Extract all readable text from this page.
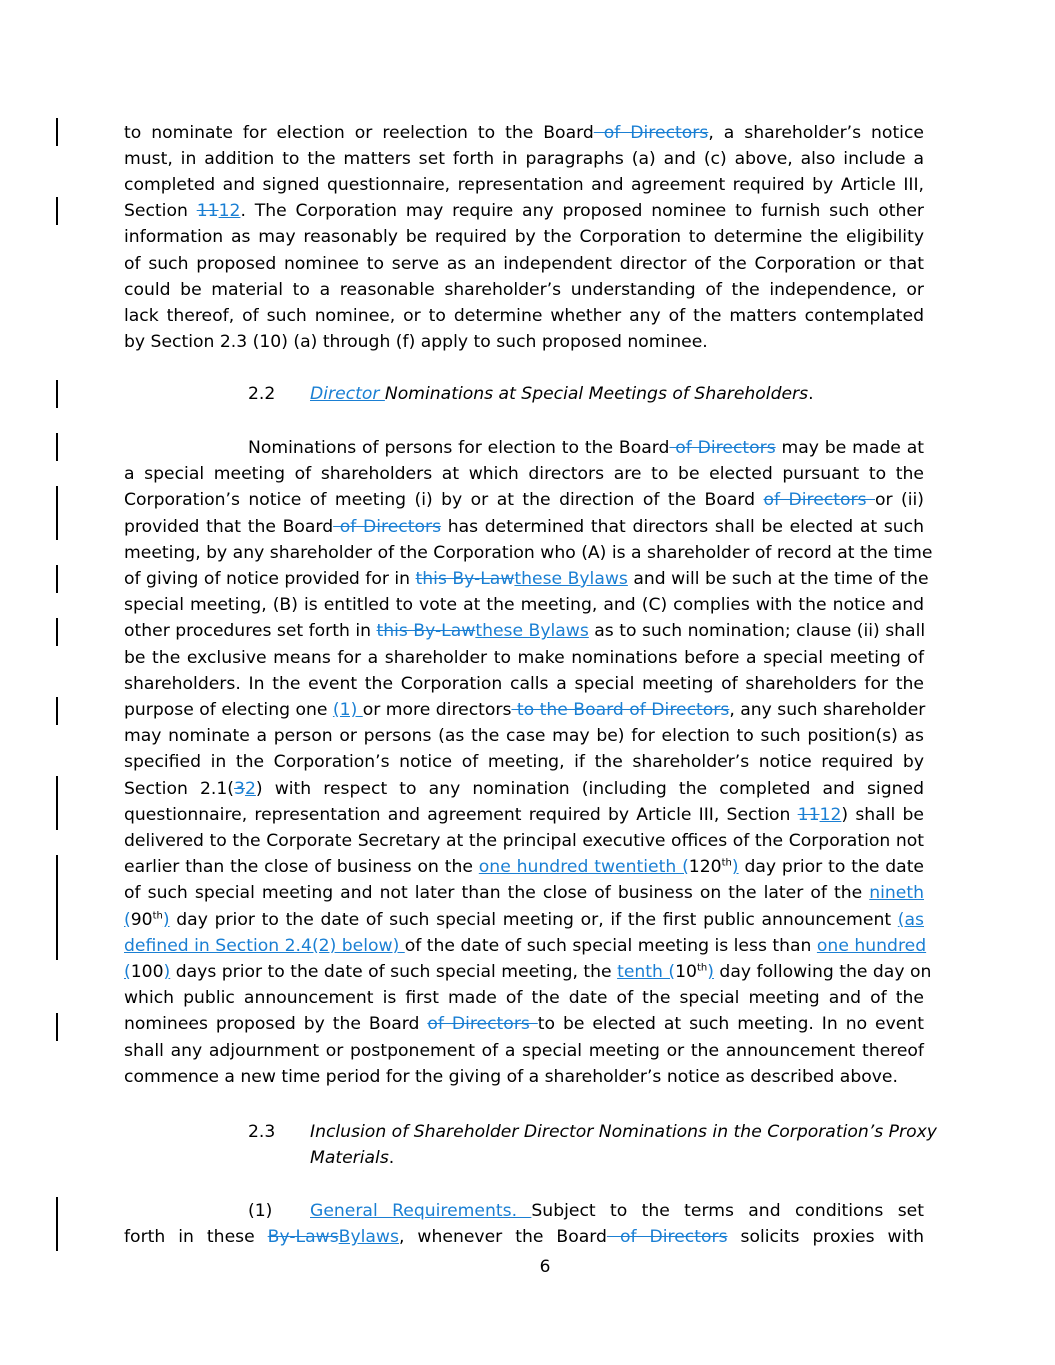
to nominate for election or reelection to the Board of Directors, a shareholder’s notice
must, in addition to the matters set forth in paragraphs (a) and (c) above, also include a
completed and signed questionnaire, representation and agreement required by Article III,
Section 1112. The Corporation may require any proposed nominee to furnish such other
information as may reasonably be required by the Corporation to determine the eligibility
of such proposed nominee to serve as an independent director of the Corporation or that
could be material to a reasonable shareholder’s understanding of the independence, or
lack thereof, of such nominee, or to determine whether any of the matters contemplated
by Section 2.3 (10) (a) through (f) apply to such proposed nominee.
2.2 Director Nominations at Special Meetings of Shareholders.
Nominations of persons for election to the Board of Directors may be made at
a special meeting of shareholders at which directors are to be elected pursuant to the
Corporation’s notice of meeting (i) by or at the direction of the Board of Directors or (ii)
provided that the Board of Directors has determined that directors shall be elected at such
meeting, by any shareholder of the Corporation who (A) is a shareholder of record at the time
of giving of notice provided for in this By-Lawthese Bylaws and will be such at the time of the
special meeting, (B) is entitled to vote at the meeting, and (C) complies with the notice and
other procedures set forth in this By-Lawthese Bylaws as to such nomination; clause (ii) shall
be the exclusive means for a shareholder to make nominations before a special meeting of
shareholders. In the event the Corporation calls a special meeting of shareholders for the
purpose of electing one (1) or more directors to the Board of Directors, any such shareholder
may nominate a person or persons (as the case may be) for election to such position(s) as
specified in the Corporation’s notice of meeting, if the shareholder’s notice required by
Section 2.1(32) with respect to any nomination (including the completed and signed
questionnaire, representation and agreement required by Article III, Section 1112) shall be
delivered to the Corporate Secretary at the principal executive offices of the Corporation not
earlier than the close of business on the one hundred twentieth (120th) day prior to the date
of such special meeting and not later than the close of business on the later of the nineth
(90th) day prior to the date of such special meeting or, if the first public announcement (as
defined in Section 2.4(2) below) of the date of such special meeting is less than one hundred
(100) days prior to the date of such special meeting, the tenth (10th) day following the day on
which public announcement is first made of the date of the special meeting and of the
nominees proposed by the Board of Directors to be elected at such meeting. In no event
shall any adjournment or postponement of a special meeting or the announcement thereof
commence a new time period for the giving of a shareholder’s notice as described above.
2.3 Inclusion of Shareholder Director Nominations in the Corporation’s Proxy
Materials.
(1) General Requirements. Subject to the terms and conditions set
forth in these By-LawsBylaws, whenever the Board of Directors solicits proxies with
6
